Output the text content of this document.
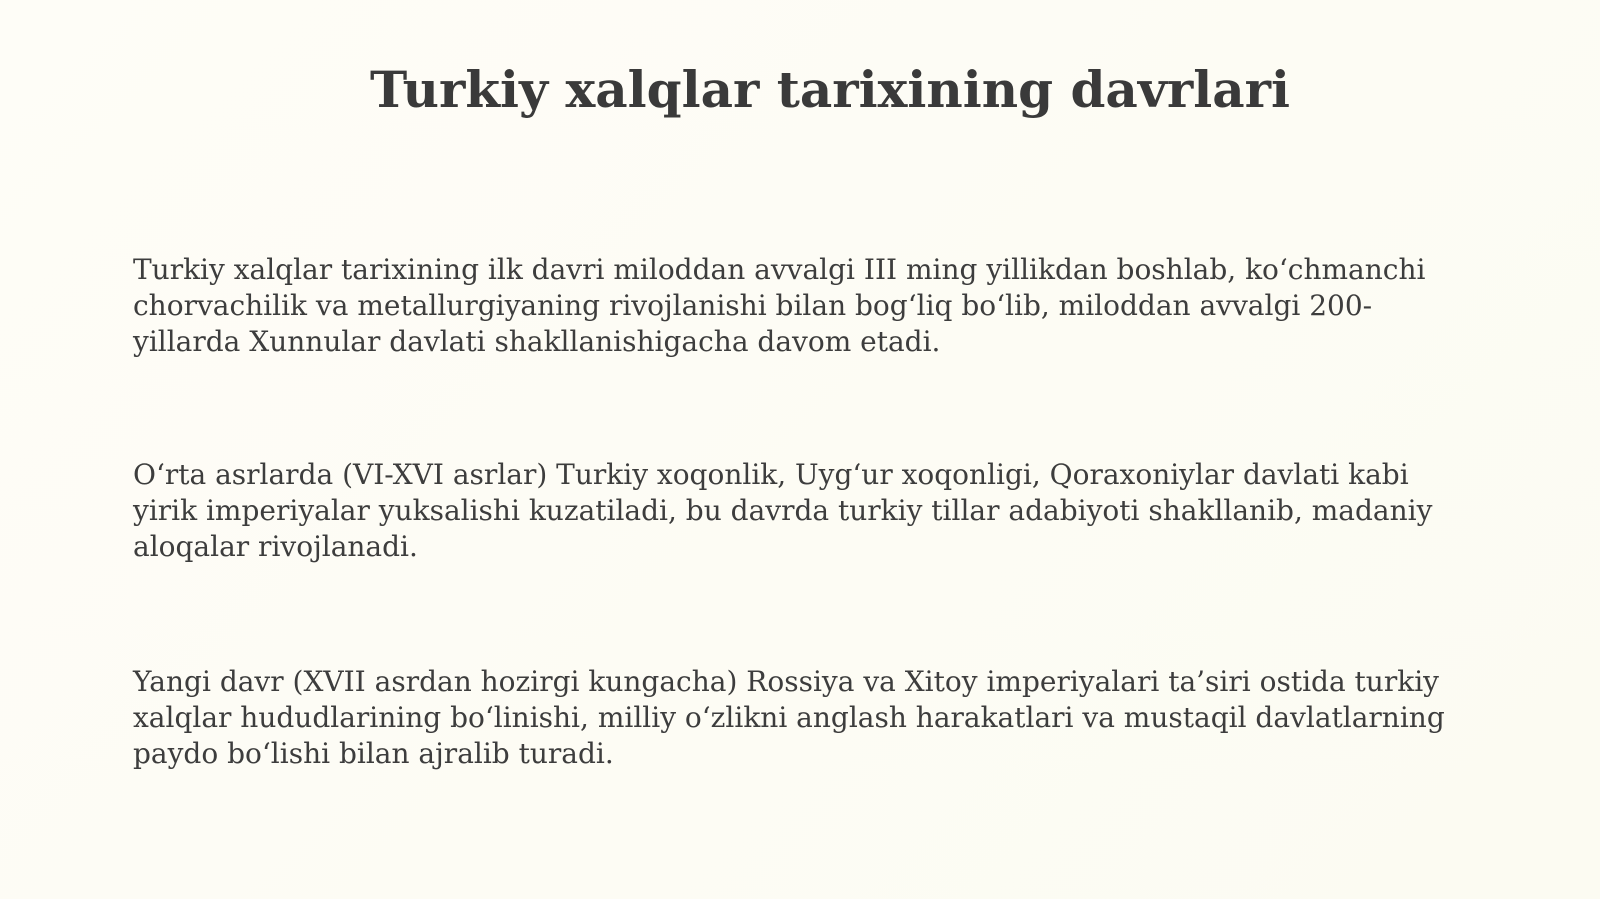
Turkiy xalqlar tarixining davrlari

Turkiy xalqlar tarixining ilk davri miloddan avvalgi III ming yillikdan boshlab, ko‘chmanchi chorvachilik va metallurgiyaning rivojlanishi bilan bog‘liq bo‘lib, miloddan avvalgi 200-yillarda Xunnular davlati shakllanishigacha davom etadi.

O‘rta asrlarda (VI-XVI asrlar) Turkiy xoqonlik, Uyg‘ur xoqonligi, Qoraxoniylar davlati kabi yirik imperiyalar yuksalishi kuzatiladi, bu davrda turkiy tillar adabiyoti shakllanib, madaniy aloqalar rivojlanadi.

Yangi davr (XVII asrdan hozirgi kungacha) Rossiya va Xitoy imperiyalari ta’siri ostida turkiy xalqlar hududlarining bo‘linishi, milliy o‘zlikni anglash harakatlari va mustaqil davlatlarning paydo bo‘lishi bilan ajralib turadi.
